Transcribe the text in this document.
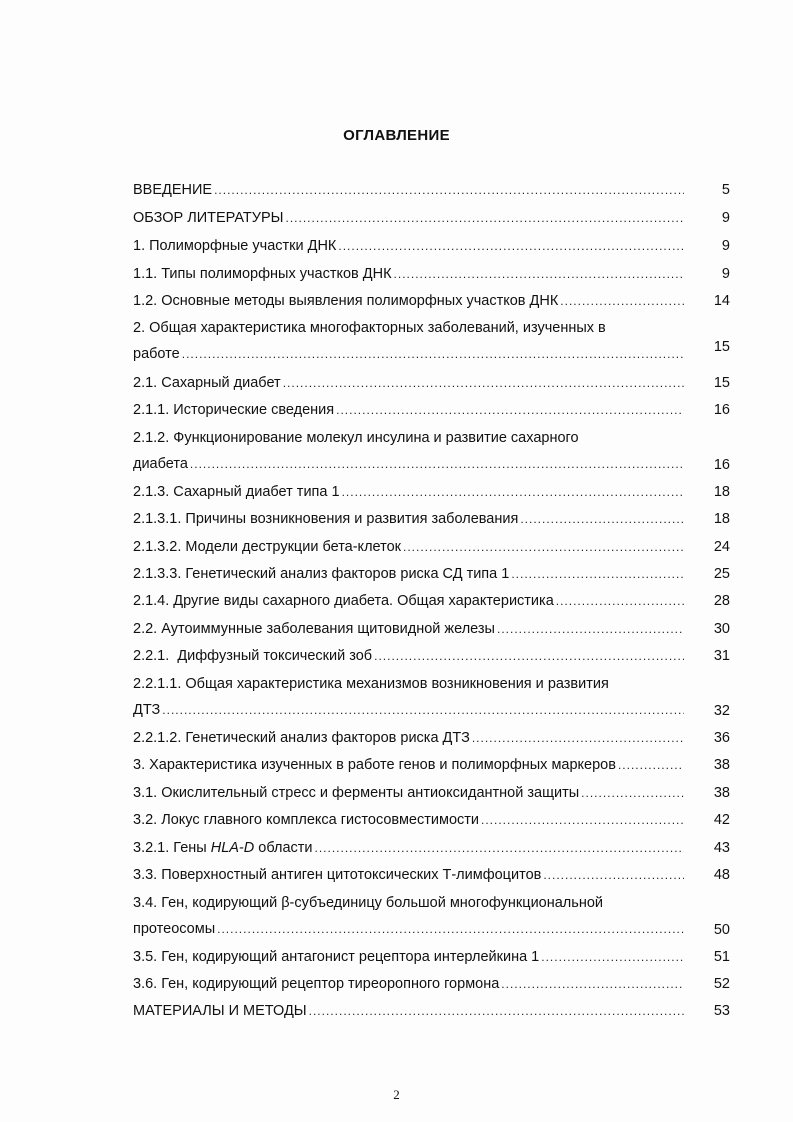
ОГЛАВЛЕНИЕ
ВВЕДЕНИЕ .....	5
ОБЗОР ЛИТЕРАТУРЫ .....	9
1. Полиморфные участки ДНК .....	9
1.1. Типы полиморфных участков ДНК .....	9
1.2. Основные методы выявления полиморфных участков ДНК .....	14
2. Общая характеристика многофакторных заболеваний, изученных в
работе .....	15
2.1. Сахарный диабет .....	15
2.1.1. Исторические сведения .....	16
2.1.2. Функционирование молекул инсулина и развитие сахарного
диабета .....	16
2.1.3. Сахарный диабет типа 1 .....	18
2.1.3.1. Причины возникновения и развития заболевания .....	18
2.1.3.2. Модели деструкции бета-клеток .....	24
2.1.3.3. Генетический анализ факторов риска СД типа 1 .....	25
2.1.4. Другие виды сахарного диабета. Общая характеристика .....	28
2.2. Аутоиммунные заболевания щитовидной железы .....	30
2.2.1.  Диффузный токсический зоб .....	31
2.2.1.1. Общая характеристика механизмов возникновения и развития
ДТЗ .....	32
2.2.1.2. Генетический анализ факторов риска ДТЗ .....	36
3. Характеристика изученных в работе генов и полиморфных маркеров .....	38
3.1. Окислительный стресс и ферменты антиоксидантной защиты .....	38
3.2. Локус главного комплекса гистосовместимости .....	42
3.2.1. Гены HLA-D области .....	43
3.3. Поверхностный антиген цитотоксических Т-лимфоцитов .....	48
3.4. Ген, кодирующий β-субъединицу большой многофункциональной
протеосомы .....	50
3.5. Ген, кодирующий антагонист рецептора интерлейкина 1 .....	51
3.6. Ген, кодирующий рецептор тиреоропного гормона .....	52
МАТЕРИАЛЫ И МЕТОДЫ .....	53
2
